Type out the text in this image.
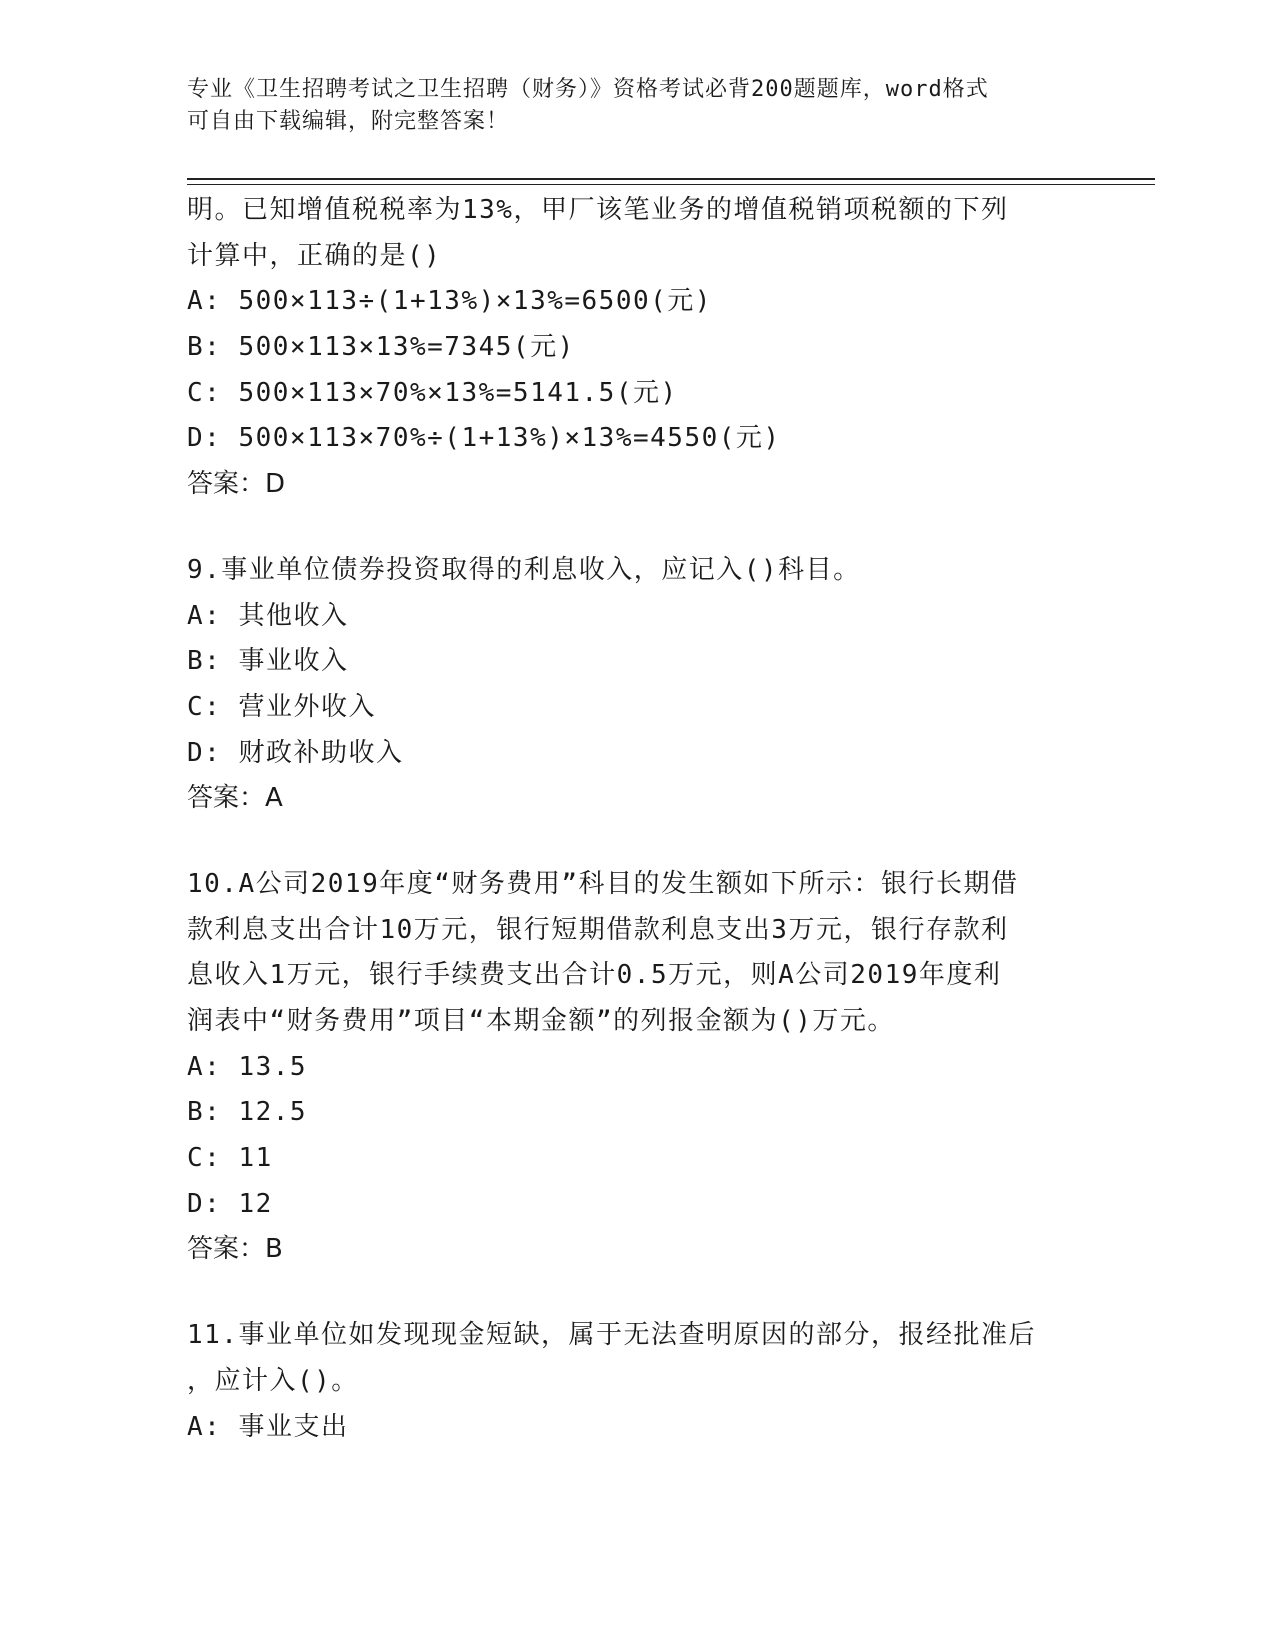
专业《卫生招聘考试之卫生招聘（财务）》资格考试必背200题题库，word格式
可自由下载编辑，附完整答案！
明。已知增值税税率为13%，甲厂该笔业务的增值税销项税额的下列
计算中，正确的是()
A: 500×113÷(1+13%)×13%=6500(元)
B: 500×113×13%=7345(元)
C: 500×113×70%×13%=5141.5(元)
D: 500×113×70%÷(1+13%)×13%=4550(元)
答案：D
9.事业单位债券投资取得的利息收入，应记入()科目。
A: 其他收入
B: 事业收入
C: 营业外收入
D: 财政补助收入
答案：A
10.A公司2019年度“财务费用”科目的发生额如下所示：银行长期借
款利息支出合计10万元，银行短期借款利息支出3万元，银行存款利
息收入1万元，银行手续费支出合计0.5万元，则A公司2019年度利
润表中“财务费用”项目“本期金额”的列报金额为()万元。
A: 13.5
B: 12.5
C: 11
D: 12
答案：B
11.事业单位如发现现金短缺，属于无法查明原因的部分，报经批准后
，应计入()。
A: 事业支出
